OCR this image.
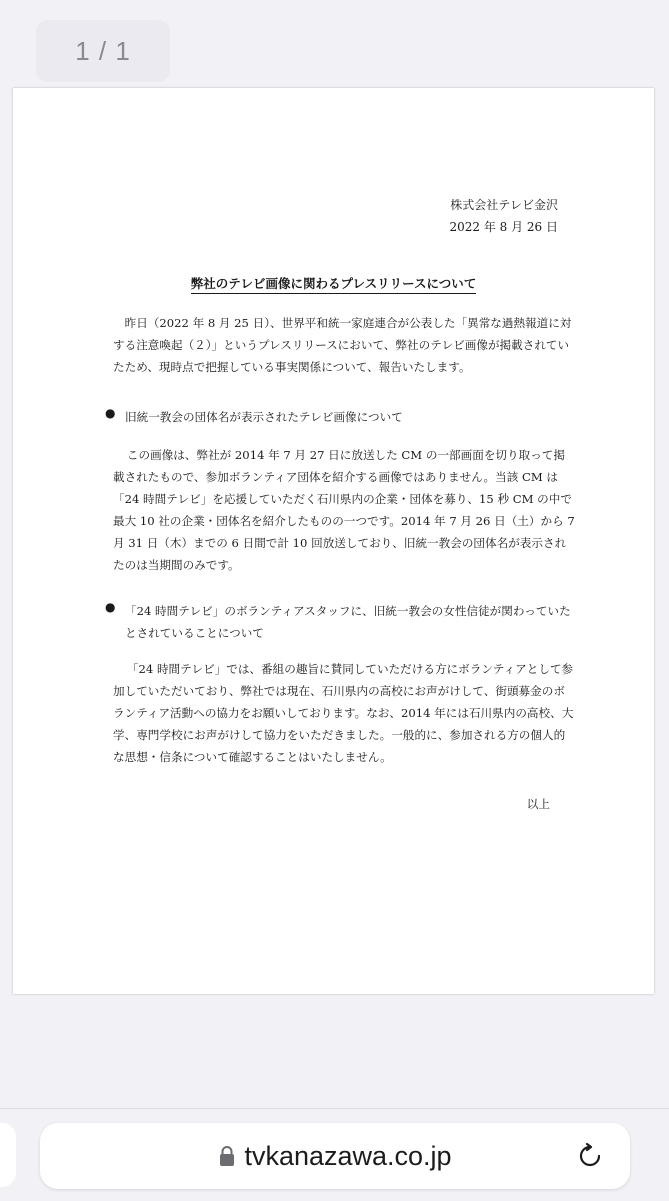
1 / 1
株式会社テレビ金沢
2022 年 8 月 26 日
弊社のテレビ画像に関わるプレスリリースについて

昨日（2022 年 8 月 25 日）、世界平和統一家庭連合が公表した「異常な過熱報道に対する注意喚起（２）」というプレスリリースにおいて、弊社のテレビ画像が掲載されていたため、現時点で把握している事実関係について、報告いたします。

● 旧統一教会の団体名が表示されたテレビ画像について

この画像は、弊社が 2014 年 7 月 27 日に放送した CM の一部画面を切り取って掲載されたもので、参加ボランティア団体を紹介する画像ではありません。当該 CM は「24 時間テレビ」を応援していただく石川県内の企業・団体を募り、15 秒 CM の中で最大 10 社の企業・団体名を紹介したものの一つです。2014 年 7 月 26 日（土）から 7 月 31 日（木）までの 6 日間で計 10 回放送しており、旧統一教会の団体名が表示されたのは当期間のみです。

● 「24 時間テレビ」のボランティアスタッフに、旧統一教会の女性信徒が関わっていたとされていることについて

「24 時間テレビ」では、番組の趣旨に賛同していただける方にボランティアとして参加していただいており、弊社では現在、石川県内の高校にお声がけして、街頭募金のボランティア活動への協力をお願いしております。なお、2014 年には石川県内の高校、大学、専門学校にお声がけして協力をいただきました。一般的に、参加される方の個人的な思想・信条について確認することはいたしません。

以上
tvkanazawa.co.jp
